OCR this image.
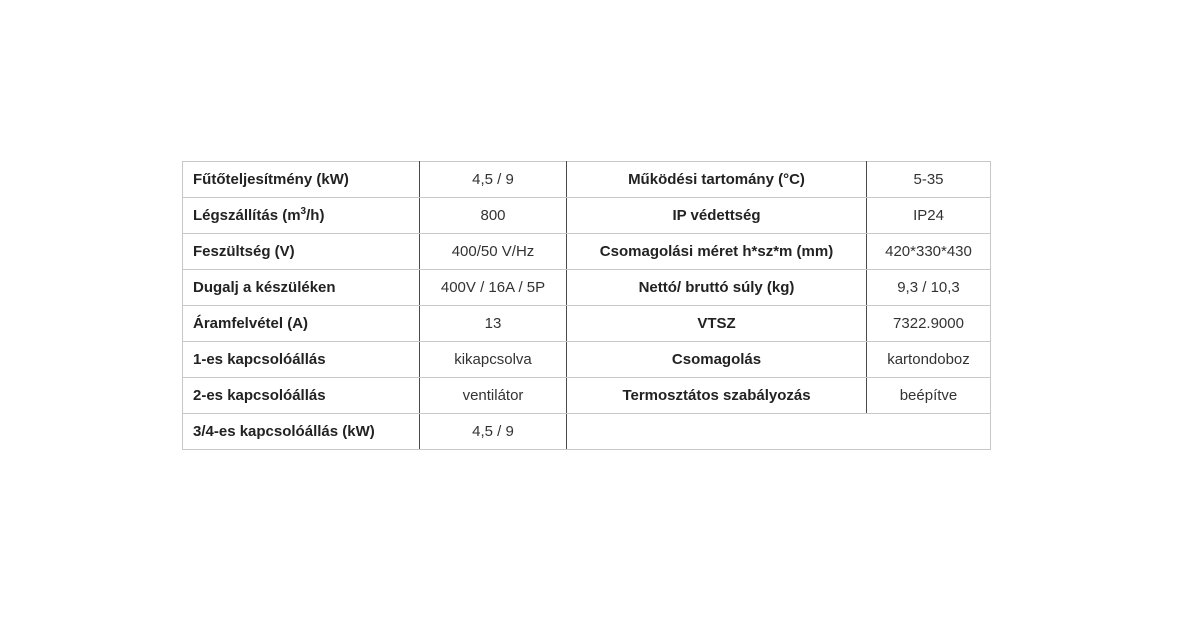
Fűtőteljesítmény (kW)	4,5 / 9	Működési tartomány (°C)	5-35
Légszállítás $(m^3/h)$	800	IP védettség	IP24
Feszültség (V)	400/50 V/Hz	Csomagolási méret h*sz*m (mm)	420*330*430
Dugalj a készüléken	400V / 16A / 5P	Nettó/ bruttó súly (kg)	9,3 / 10,3
Áramfelvétel (A)	13	VTSZ	7322.9000
1-es kapcsolóállás	kikapcsolva	Csomagolás	kartondoboz
2-es kapcsolóállás	ventilátor	Termosztátos szabályozás	beépítve
3/4-es kapcsolóállás (kW)	4,5 / 9		
